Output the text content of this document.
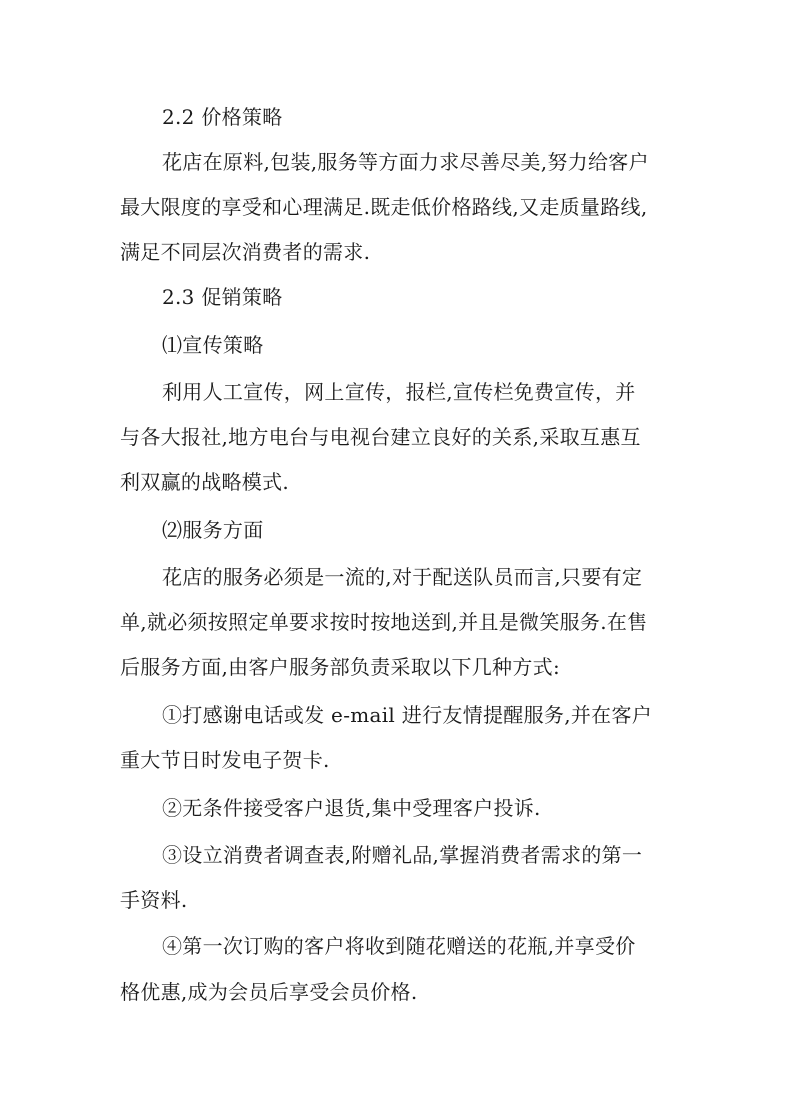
2.2 价格策略
花店在原料,包装,服务等方面力求尽善尽美,努力给客户
最大限度的享受和心理满足.既走低价格路线,又走质量路线,
满足不同层次消费者的需求.
2.3 促销策略
⑴宣传策略
利用人工宣传，网上宣传，报栏,宣传栏免费宣传，并
与各大报社,地方电台与电视台建立良好的关系,采取互惠互
利双赢的战略模式.
⑵服务方面
花店的服务必须是一流的,对于配送队员而言,只要有定
单,就必须按照定单要求按时按地送到,并且是微笑服务.在售
后服务方面,由客户服务部负责采取以下几种方式:
①打感谢电话或发 e-mail 进行友情提醒服务,并在客户
重大节日时发电子贺卡.
②无条件接受客户退货,集中受理客户投诉.
③设立消费者调查表,附赠礼品,掌握消费者需求的第一
手资料.
④第一次订购的客户将收到随花赠送的花瓶,并享受价
格优惠,成为会员后享受会员价格.
